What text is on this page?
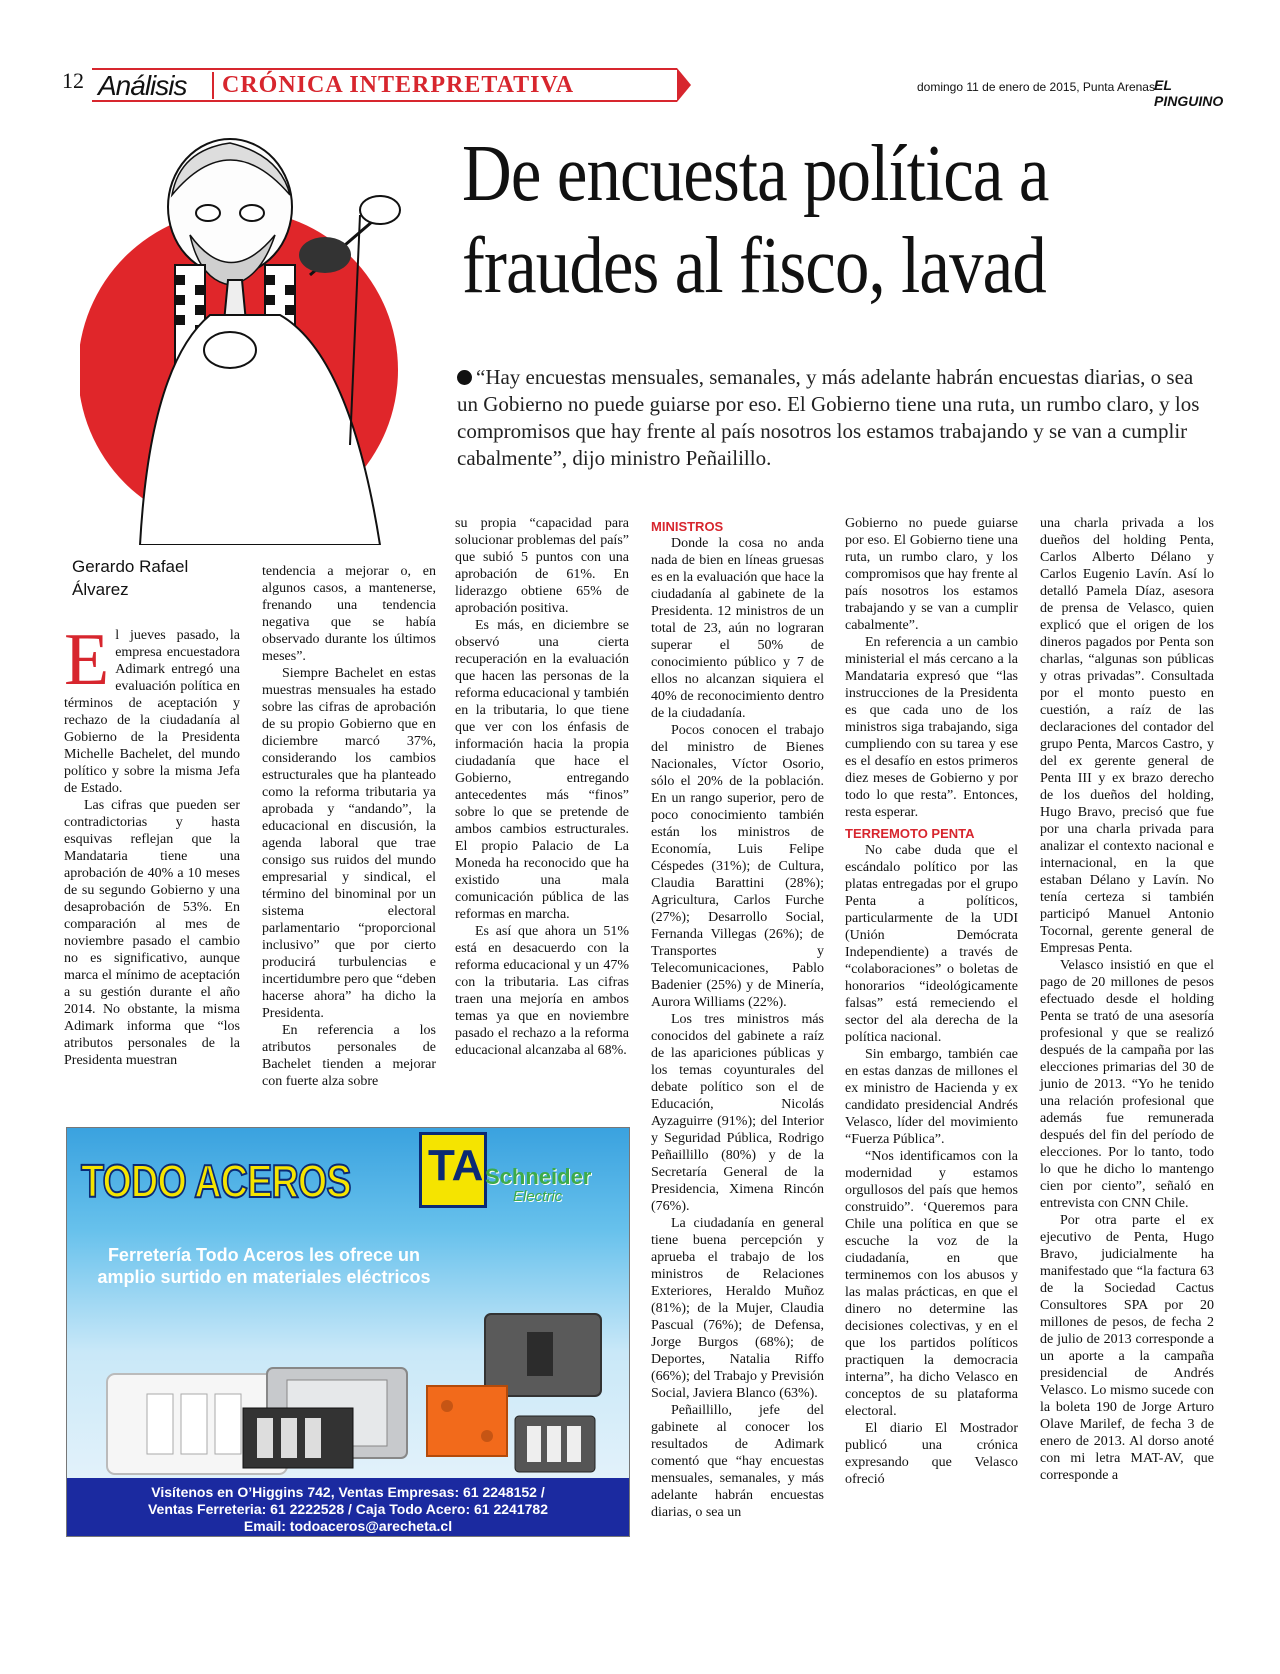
12 Análisis	CRÓNICA INTERPRETATIVA	domingo 11 de enero de 2015, Punta Arenas EL PINGUINO
De encuesta política a
fraudes al fisco, lavad
“Hay encuestas mensuales, semanales, y más adelante habrán encuestas diarias, o sea un Gobierno no puede guiarse por eso. El Gobierno tiene una ruta, un rumbo claro, y los compromisos que hay frente al país nosotros los estamos trabajando y se van a cumplir cabalmente”, dijo ministro Peñailillo.
Gerardo Rafael
Álvarez
E l jueves pasado, la empresa encuestadora Adimark entregó una evaluación política en términos de aceptación y rechazo de la ciudadanía al Gobierno de la Presidenta Michelle Bachelet, del mundo político y sobre la misma Jefa de Estado.

Las cifras que pueden ser contradictorias y hasta esquivas reflejan que la Mandataria tiene una aprobación de 40% a 10 meses de su segundo Gobierno y una desaprobación de 53%. En comparación al mes de noviembre pasado el cambio no es significativo, aunque marca el mínimo de aceptación a su gestión durante el año 2014. No obstante, la misma Adimark informa que “los atributos personales de la Presidenta muestran

tendencia a mejorar o, en algunos casos, a mantenerse, frenando una tendencia negativa que se había observado durante los últimos meses”.

Siempre Bachelet en estas muestras mensuales ha estado sobre las cifras de aprobación de su propio Gobierno que en diciembre marcó 37%, considerando los cambios estructurales que ha planteado como la reforma tributaria ya aprobada y “andando”, la educacional en discusión, la agenda laboral que trae consigo sus ruidos del mundo empresarial y sindical, el término del binominal por un sistema electoral parlamentario “proporcional inclusivo” que por cierto producirá turbulencias e incertidumbre pero que “deben hacerse ahora” ha dicho la Presidenta.

En referencia a los atributos personales de Bachelet tienden a mejorar con fuerte alza sobre

su propia “capacidad para solucionar problemas del país” que subió 5 puntos con una aprobación de 61%. En liderazgo obtiene 65% de aprobación positiva.

Es más, en diciembre se observó una cierta recuperación en la evaluación que hacen las personas de la reforma educacional y también en la tributaria, lo que tiene que ver con los énfasis de información hacia la propia ciudadanía que hace el Gobierno, entregando antecedentes más “finos” sobre lo que se pretende de ambos cambios estructurales. El propio Palacio de La Moneda ha reconocido que ha existido una mala comunicación pública de las reformas en marcha.

Es así que ahora un 51% está en desacuerdo con la reforma educacional y un 47% con la tributaria. Las cifras traen una mejoría en ambos temas ya que en noviembre pasado el rechazo a la reforma educacional alcanzaba al 68%.

MINISTROS

Donde la cosa no anda nada de bien en líneas gruesas es en la evaluación que hace la ciudadanía al gabinete de la Presidenta. 12 ministros de un total de 23, aún no lograran superar el 50% de conocimiento público y 7 de ellos no alcanzan siquiera el 40% de reconocimiento dentro de la ciudadanía.

Pocos conocen el trabajo del ministro de Bienes Nacionales, Víctor Osorio, sólo el 20% de la población. En un rango superior, pero de poco conocimiento también están los ministros de Economía, Luis Felipe Céspedes (31%); de Cultura, Claudia Barattini (28%); Agricultura, Carlos Furche (27%); Desarrollo Social, Fernanda Villegas (26%); de Transportes y Telecomunicaciones, Pablo Badenier (25%) y de Minería, Aurora Williams (22%).

Los tres ministros más conocidos del gabinete a raíz de las apariciones públicas y los temas coyunturales del debate político son el de Educación, Nicolás Ayzaguirre (91%); del Interior y Seguridad Pública, Rodrigo Peñaillillo (80%) y de la Secretaría General de la Presidencia, Ximena Rincón (76%).

La ciudadanía en general tiene buena percepción y aprueba el trabajo de los ministros de Relaciones Exteriores, Heraldo Muñoz (81%); de la Mujer, Claudia Pascual (76%); de Defensa, Jorge Burgos (68%); de Deportes, Natalia Riffo (66%); del Trabajo y Previsión Social, Javiera Blanco (63%).

Peñaillillo, jefe del gabinete al conocer los resultados de Adimark comentó que “hay encuestas mensuales, semanales, y más adelante habrán encuestas diarias, o sea un

Gobierno no puede guiarse por eso. El Gobierno tiene una ruta, un rumbo claro, y los compromisos que hay frente al país nosotros los estamos trabajando y se van a cumplir cabalmente”.

En referencia a un cambio ministerial el más cercano a la Mandataria expresó que “las instrucciones de la Presidenta es que cada uno de los ministros siga trabajando, siga cumpliendo con su tarea y ese es el desafío en estos primeros diez meses de Gobierno y por todo lo que resta”. Entonces, resta esperar.

TERREMOTO PENTA

No cabe duda que el escándalo político por las platas entregadas por el grupo Penta a políticos, particularmente de la UDI (Unión Demócrata Independiente) a través de “colaboraciones” o boletas de honorarios “ideológicamente falsas” está remeciendo el sector del ala derecha de la política nacional.

Sin embargo, también cae en estas danzas de millones el ex ministro de Hacienda y ex candidato presidencial Andrés Velasco, líder del movimiento “Fuerza Pública”.

“Nos identificamos con la modernidad y estamos orgullosos del país que hemos construido”. ‘Queremos para Chile una política en que se escuche la voz de la ciudadanía, en que terminemos con los abusos y las malas prácticas, en que el dinero no determine las decisiones colectivas, y en el que los partidos políticos practiquen la democracia interna”, ha dicho Velasco en conceptos de su plataforma electoral.

El diario El Mostrador publicó una crónica expresando que Velasco ofreció

una charla privada a los dueños del holding Penta, Carlos Alberto Délano y Carlos Eugenio Lavín. Así lo detalló Pamela Díaz, asesora de prensa de Velasco, quien explicó que el origen de los dineros pagados por Penta son charlas, “algunas son públicas y otras privadas”. Consultada por el monto puesto en cuestión, a raíz de las declaraciones del contador del grupo Penta, Marcos Castro, y del ex gerente general de Penta III y ex brazo derecho de los dueños del holding, Hugo Bravo, precisó que fue por una charla privada para analizar el contexto nacional e internacional, en la que estaban Délano y Lavín. No tenía certeza si también participó Manuel Antonio Tocornal, gerente general de Empresas Penta.

Velasco insistió en que el pago de 20 millones de pesos efectuado desde el holding Penta se trató de una asesoría profesional y que se realizó después de la campaña por las elecciones primarias del 30 de junio de 2013. “Yo he tenido una relación profesional que además fue remunerada después del fin del período de elecciones. Por lo tanto, todo lo que he dicho lo mantengo cien por ciento”, señaló en entrevista con CNN Chile.

Por otra parte el ex ejecutivo de Penta, Hugo Bravo, judicialmente ha manifestado que “la factura 63 de la Sociedad Cactus Consultores SPA por 20 millones de pesos, de fecha 2 de julio de 2013 corresponde a un aporte a la campaña presidencial de Andrés Velasco. Lo mismo sucede con la boleta 190 de Jorge Arturo Olave Marilef, de fecha 3 de enero de 2013. Al dorso anoté con mi letra MAT-AV, que corresponde a

TODO ACEROS TA Schneider
Electric
Ferretería Todo Aceros les ofrece un amplio surtido en materiales eléctricos
Visítenos en O’Higgins 742, Ventas Empresas: 61 2248152 /
Ventas Ferreteria: 61 2222528 / Caja Todo Acero: 61 2241782
Email: todoaceros@arecheta.cl
